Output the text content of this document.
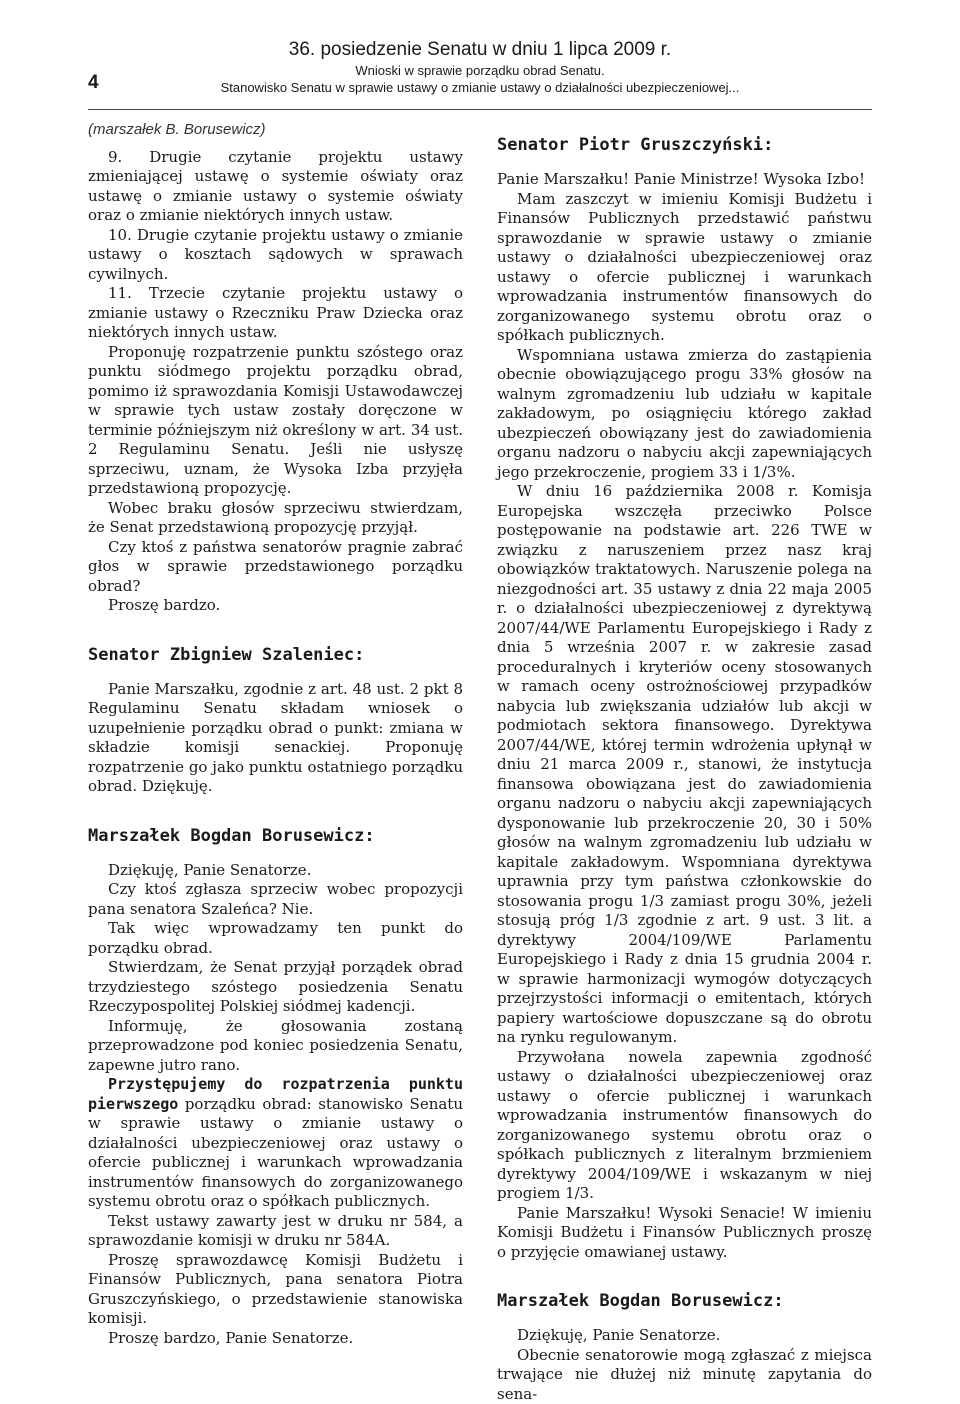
4
36. posiedzenie Senatu w dniu 1 lipca 2009 r.
Wnioski w sprawie porządku obrad Senatu.
Stanowisko Senatu w sprawie ustawy o zmianie ustawy o działalności ubezpieczeniowej...
(marszałek B. Borusewicz)

9. Drugie czytanie projektu ustawy zmieniającej ustawę o systemie oświaty oraz ustawę o zmianie ustawy o systemie oświaty oraz o zmianie niektórych innych ustaw.

10. Drugie czytanie projektu ustawy o zmianie ustawy o kosztach sądowych w sprawach cywilnych.

11. Trzecie czytanie projektu ustawy o zmianie ustawy o Rzeczniku Praw Dziecka oraz niektórych innych ustaw.

Proponuję rozpatrzenie punktu szóstego oraz punktu siódmego projektu porządku obrad, pomimo iż sprawozdania Komisji Ustawodawczej w sprawie tych ustaw zostały doręczone w terminie późniejszym niż określony w art. 34 ust. 2 Regulaminu Senatu. Jeśli nie usłyszę sprzeciwu, uznam, że Wysoka Izba przyjęła przedstawioną propozycję.

Wobec braku głosów sprzeciwu stwierdzam, że Senat przedstawioną propozycję przyjął.

Czy ktoś z państwa senatorów pragnie zabrać głos w sprawie przedstawionego porządku obrad?

Proszę bardzo.

Senator Zbigniew Szaleniec:

Panie Marszałku, zgodnie z art. 48 ust. 2 pkt 8 Regulaminu Senatu składam wniosek o uzupełnienie porządku obrad o punkt: zmiana w składzie komisji senackiej. Proponuję rozpatrzenie go jako punktu ostatniego porządku obrad. Dziękuję.

Marszałek Bogdan Borusewicz:

Dziękuję, Panie Senatorze.

Czy ktoś zgłasza sprzeciw wobec propozycji pana senatora Szaleńca? Nie.

Tak więc wprowadzamy ten punkt do porządku obrad.

Stwierdzam, że Senat przyjął porządek obrad trzydziestego szóstego posiedzenia Senatu Rzeczypospolitej Polskiej siódmej kadencji.

Informuję, że głosowania zostaną przeprowadzone pod koniec posiedzenia Senatu, zapewne jutro rano.

Przystępujemy do rozpatrzenia punktu pierwszego porządku obrad: stanowisko Senatu w sprawie ustawy o zmianie ustawy o działalności ubezpieczeniowej oraz ustawy o ofercie publicznej i warunkach wprowadzania instrumentów finansowych do zorganizowanego systemu obrotu oraz o spółkach publicznych.

Tekst ustawy zawarty jest w druku nr 584, a sprawozdanie komisji w druku nr 584A.

Proszę sprawozdawcę Komisji Budżetu i Finansów Publicznych, pana senatora Piotra Gruszczyńskiego, o przedstawienie stanowiska komisji.

Proszę bardzo, Panie Senatorze.

Senator Piotr Gruszczyński:

Panie Marszałku! Panie Ministrze! Wysoka Izbo!

Mam zaszczyt w imieniu Komisji Budżetu i Finansów Publicznych przedstawić państwu sprawozdanie w sprawie ustawy o zmianie ustawy o działalności ubezpieczeniowej oraz ustawy o ofercie publicznej i warunkach wprowadzania instrumentów finansowych do zorganizowanego systemu obrotu oraz o spółkach publicznych.

Wspomniana ustawa zmierza do zastąpienia obecnie obowiązującego progu 33% głosów na walnym zgromadzeniu lub udziału w kapitale zakładowym, po osiągnięciu którego zakład ubezpieczeń obowiązany jest do zawiadomienia organu nadzoru o nabyciu akcji zapewniających jego przekroczenie, progiem 33 i 1/3%.

W dniu 16 października 2008 r. Komisja Europejska wszczęła przeciwko Polsce postępowanie na podstawie art. 226 TWE w związku z naruszeniem przez nasz kraj obowiązków traktatowych. Naruszenie polega na niezgodności art. 35 ustawy z dnia 22 maja 2005 r. o działalności ubezpieczeniowej z dyrektywą 2007/44/WE Parlamentu Europejskiego i Rady z dnia 5 września 2007 r. w zakresie zasad proceduralnych i kryteriów oceny stosowanych w ramach oceny ostrożnościowej przypadków nabycia lub zwiększania udziałów lub akcji w podmiotach sektora finansowego. Dyrektywa 2007/44/WE, której termin wdrożenia upłynął w dniu 21 marca 2009 r., stanowi, że instytucja finansowa obowiązana jest do zawiadomienia organu nadzoru o nabyciu akcji zapewniających dysponowanie lub przekroczenie 20, 30 i 50% głosów na walnym zgromadzeniu lub udziału w kapitale zakładowym. Wspomniana dyrektywa uprawnia przy tym państwa członkowskie do stosowania progu 1/3 zamiast progu 30%, jeżeli stosują próg 1/3 zgodnie z art. 9 ust. 3 lit. a dyrektywy 2004/109/WE Parlamentu Europejskiego i Rady z dnia 15 grudnia 2004 r. w sprawie harmonizacji wymogów dotyczących przejrzystości informacji o emitentach, których papiery wartościowe dopuszczane są do obrotu na rynku regulowanym.

Przywołana nowela zapewnia zgodność ustawy o działalności ubezpieczeniowej oraz ustawy o ofercie publicznej i warunkach wprowadzania instrumentów finansowych do zorganizowanego systemu obrotu oraz o spółkach publicznych z literalnym brzmieniem dyrektywy 2004/109/WE i wskazanym w niej progiem 1/3.

Panie Marszałku! Wysoki Senacie! W imieniu Komisji Budżetu i Finansów Publicznych proszę o przyjęcie omawianej ustawy.

Marszałek Bogdan Borusewicz:

Dziękuję, Panie Senatorze.

Obecnie senatorowie mogą zgłaszać z miejsca trwające nie dłużej niż minutę zapytania do sena-
